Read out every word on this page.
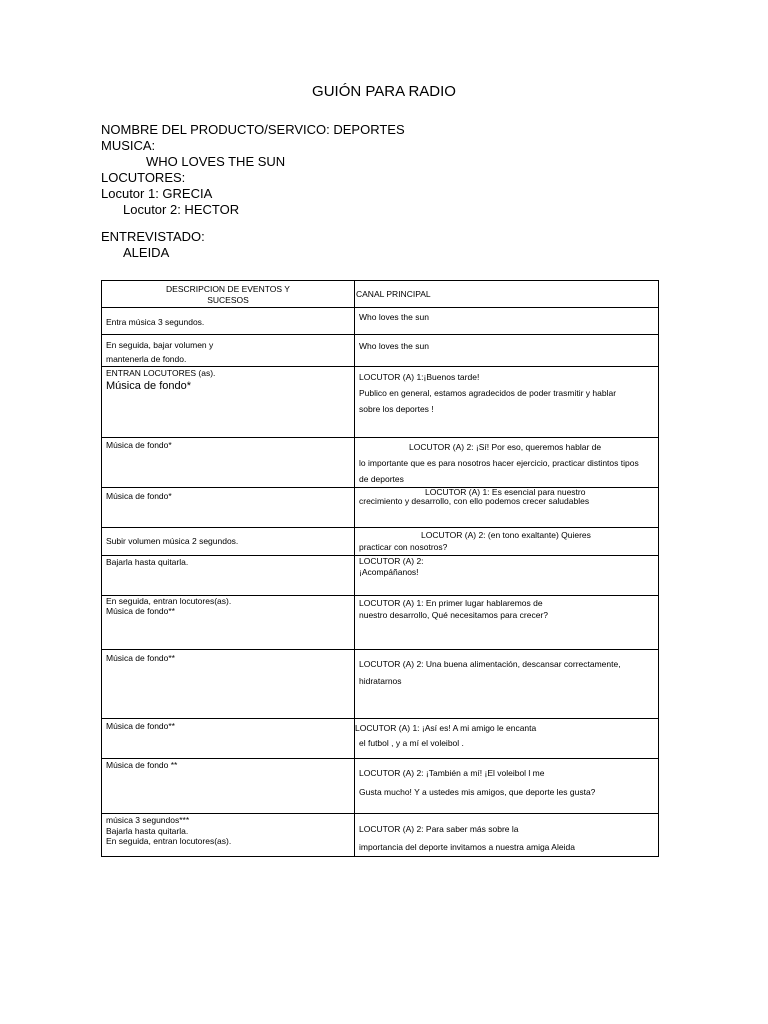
GUIÓN PARA RADIO
NOMBRE DEL PRODUCTO/SERVICO: DEPORTES
MUSICA:
WHO LOVES THE SUN
LOCUTORES:
Locutor 1: GRECIA
Locutor 2: HECTOR
ENTREVISTADO:
ALEIDA
DESCRIPCION DE EVENTOS Y
SUCESOS	CANAL PRINCIPAL

Entra música 3 segundos.	Who loves the sun

En seguida, bajar volumen y
mantenerla de fondo.	Who loves the sun

ENTRAN LOCUTORES (as).
Música de fondo*	LOCUTOR (A) 1:¡Buenos tarde!
Publico en general, estamos agradecidos de poder trasmitir y hablar
sobre los deportes !

Música de fondo*	LOCUTOR (A) 2: ¡Sí! Por eso, queremos hablar de
lo importante que es para nosotros hacer ejercicio, practicar distintos tipos
de deportes

Música de fondo*	LOCUTOR (A) 1: Es esencial para nuestro
crecimiento y desarrollo, con ello podemos crecer saludables

Subir volumen música 2 segundos.	LOCUTOR (A) 2: (en tono exaltante) Quieres
practicar con nosotros?

Bajarla hasta quitarla.	LOCUTOR (A) 2:
¡Acompáñanos!

En seguida, entran locutores(as).
Música de fondo**	LOCUTOR (A) 1: En primer lugar hablaremos de
nuestro desarrollo, Qué necesitamos para crecer?

Música de fondo**	LOCUTOR (A) 2: Una buena alimentación, descansar correctamente,
hidratarnos

Música de fondo**	LOCUTOR (A) 1: ¡Así es! A mi amigo le encanta
el futbol , y a mí el voleibol .

Música de fondo **	LOCUTOR (A) 2: ¡También a mí! ¡El voleibol l me
Gusta mucho! Y a ustedes mis amigos, que deporte les gusta?

música 3 segundos***
Bajarla hasta quitarla.
En seguida, entran locutores(as).	LOCUTOR (A) 2: Para saber más sobre la
importancia del deporte invitamos a nuestra amiga Aleida
